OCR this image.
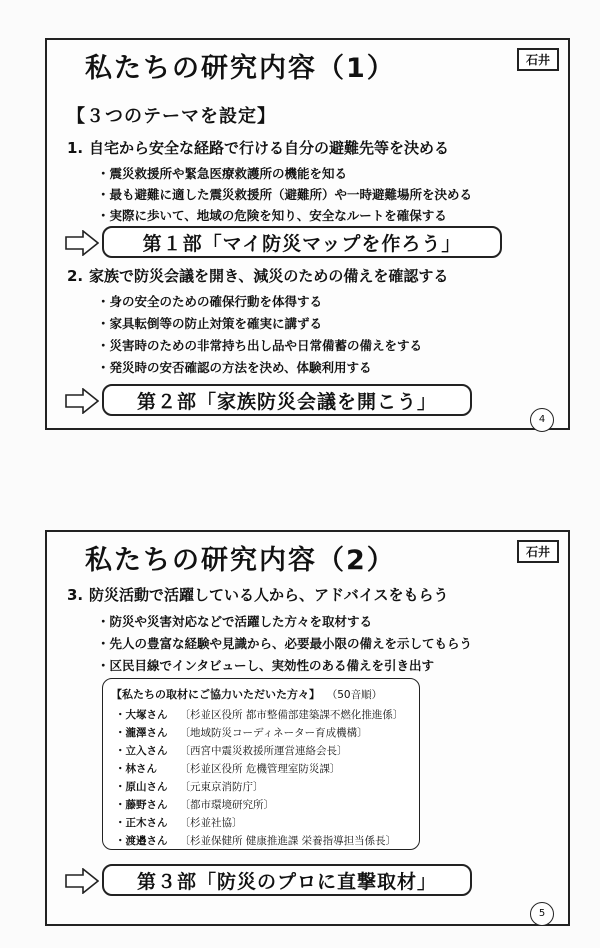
私たちの研究内容（1）	石井
【３つのテーマを設定】
1. 自宅から安全な経路で行ける自分の避難先等を決める
・ 震災救援所や緊急医療救護所の機能を知る
・ 最も避難に適した震災救援所（避難所）や一時避難場所を決める
・ 実際に歩いて、地域の危険を知り、安全なルートを確保する
第１部「マイ防災マップを作ろう」
2. 家族で防災会議を開き、減災のための備えを確認する
・ 身の安全のための確保行動を体得する
・ 家具転倒等の防止対策を確実に講ずる
・ 災害時のための非常持ち出し品や日常備蓄の備えをする
・ 発災時の安否確認の方法を決め、体験利用する
第２部「家族防災会議を開こう」
4
私たちの研究内容（2）	石井
3. 防災活動で活躍している人から、アドバイスをもらう
・ 防災や災害対応などで活躍した方々を取材する
・ 先人の豊富な経験や見識から、必要最小限の備えを示してもらう
・ 区民目線でインタビューし、実効性のある備えを引き出す
【私たちの取材にご協力いただいた方々】 （50音順）
・ 大塚さん 〔杉並区役所 都市整備部建築課不燃化推進係〕
・ 瀧澤さん 〔地域防災コーディネーター育成機構〕
・ 立入さん 〔西宮中震災救援所運営連絡会長〕
・ 林さん 〔杉並区役所 危機管理室防災課〕
・ 原山さん 〔元東京消防庁〕
・ 藤野さん 〔都市環境研究所〕
・ 正木さん 〔杉並社協〕
・ 渡邉さん 〔杉並保健所 健康推進課 栄養指導担当係長〕
第３部「防災のプロに直撃取材」
5
